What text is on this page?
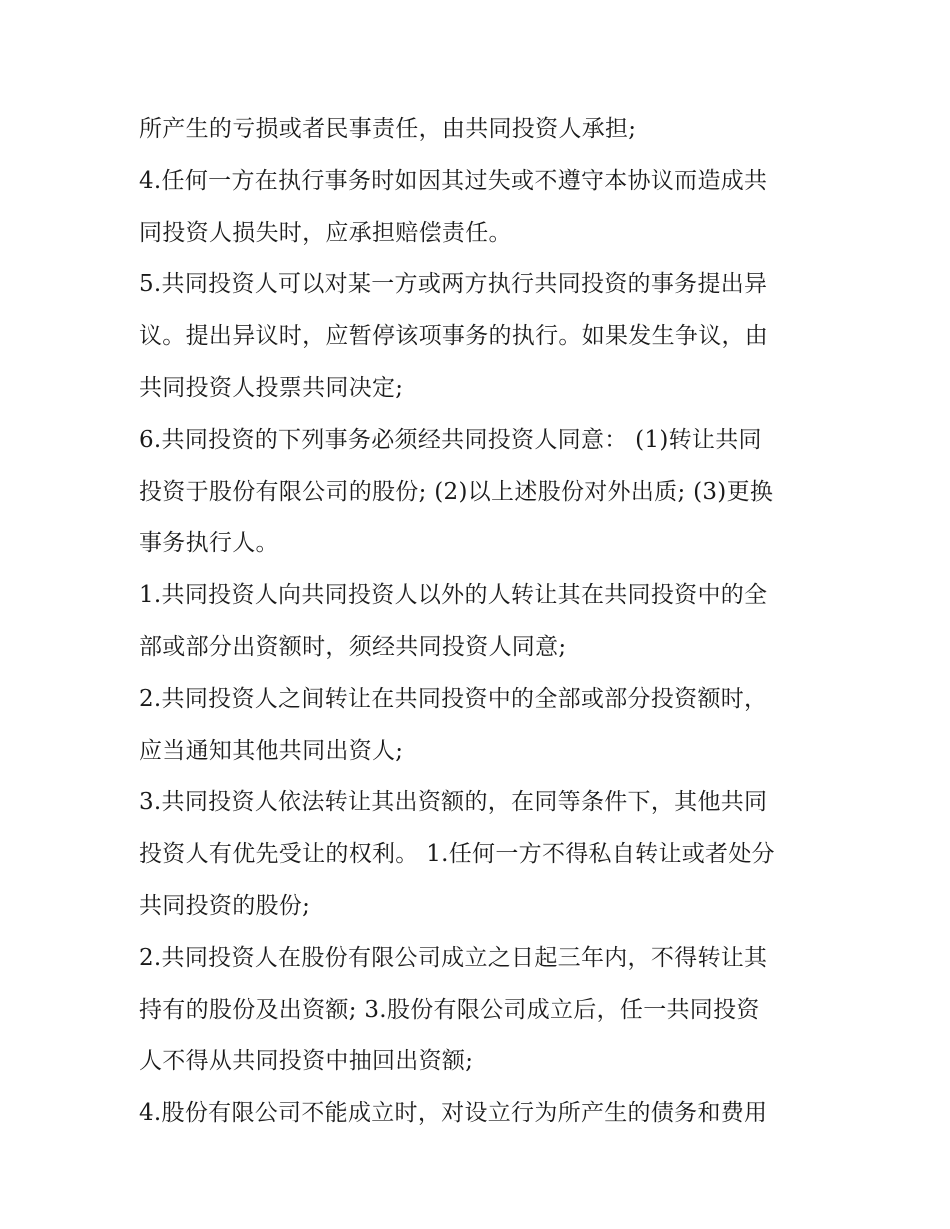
所产生的亏损或者民事责任，由共同投资人承担;
4.任何一方在执行事务时如因其过失或不遵守本协议而造成共
同投资人损失时，应承担赔偿责任。
5.共同投资人可以对某一方或两方执行共同投资的事务提出异
议。提出异议时，应暂停该项事务的执行。如果发生争议，由
共同投资人投票共同决定;
6.共同投资的下列事务必须经共同投资人同意： (1)转让共同
投资于股份有限公司的股份; (2)以上述股份对外出质; (3)更换
事务执行人。
1.共同投资人向共同投资人以外的人转让其在共同投资中的全
部或部分出资额时，须经共同投资人同意;
2.共同投资人之间转让在共同投资中的全部或部分投资额时，
应当通知其他共同出资人;
3.共同投资人依法转让其出资额的，在同等条件下，其他共同
投资人有优先受让的权利。 1.任何一方不得私自转让或者处分
共同投资的股份;
2.共同投资人在股份有限公司成立之日起三年内，不得转让其
持有的股份及出资额; 3.股份有限公司成立后，任一共同投资
人不得从共同投资中抽回出资额;
4.股份有限公司不能成立时，对设立行为所产生的债务和费用
